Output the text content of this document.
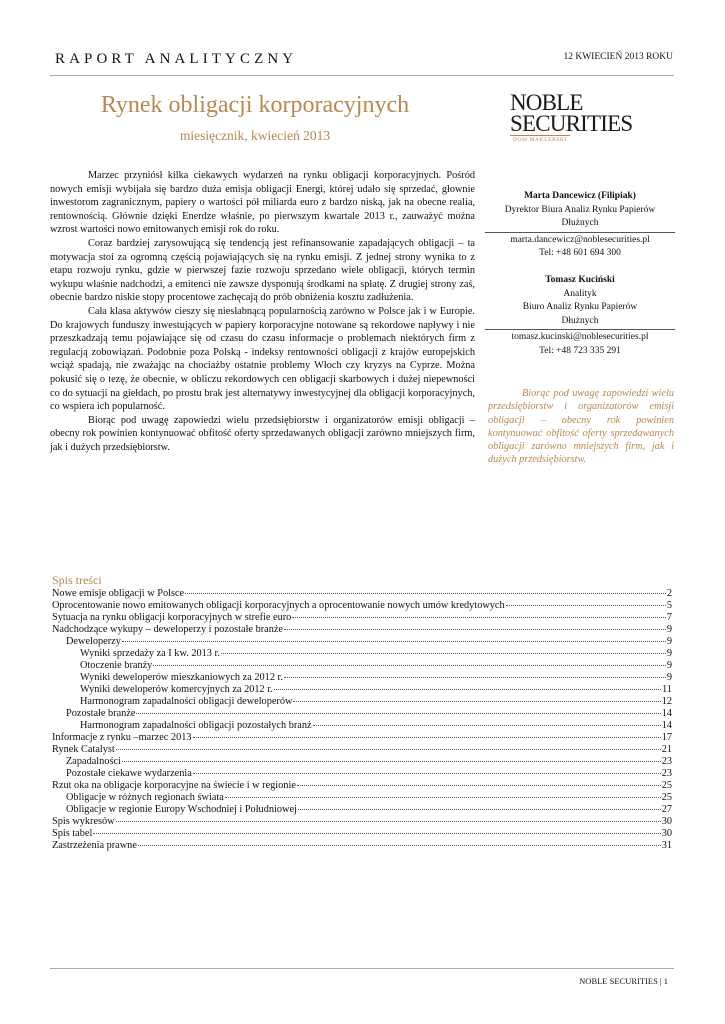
RAPORT ANALITYCZNY	12 KWIECIEŃ 2013 ROKU
Rynek obligacji korporacyjnych
miesięcznik, kwiecień 2013
NOBLE
SECURITIES
DOM MAKLERSKI

Marzec przyniósł kilka ciekawych wydarzeń na rynku obligacji korporacyjnych. Pośród nowych emisji wybijała się bardzo duża emisja obligacji Energi, której udało się sprzedać, głownie inwestorom zagranicznym, papiery o wartości pół miliarda euro z bardzo niską, jak na obecne realia, rentownością. Głównie dzięki Enerdze właśnie, po pierwszym kwartale 2013 r., zauważyć można wzrost wartości nowo emitowanych emisji rok do roku.

Coraz bardziej zarysowującą się tendencją jest refinansowanie zapadających obligacji – ta motywacja stoi za ogromną częścią pojawiających się na rynku emisji. Z jednej strony wynika to z etapu rozwoju rynku, gdzie w pierwszej fazie rozwoju sprzedano wiele obligacji, których termin wykupu właśnie nadchodzi, a emitenci nie zawsze dysponują środkami na spłatę. Z drugiej strony zaś, obecnie bardzo niskie stopy procentowe zachęcają do prób obniżenia kosztu zadłużenia.

Cała klasa aktywów cieszy się niesłabnącą popularnością zarówno w Polsce jak i w Europie. Do krajowych funduszy inwestujących w papiery korporacyjne notowane są rekordowe napływy i nie przeszkadzają temu pojawiające się od czasu do czasu informacje o problemach niektórych firm z regulacją zobowiązań. Podobnie poza Polską - indeksy rentowności obligacji z krajów europejskich wciąż spadają, nie zważając na chociażby ostatnie problemy Włoch czy kryzys na Cyprze. Można pokusić się o tezę, że obecnie, w obliczu rekordowych cen obligacji skarbowych i dużej niepewności co do sytuacji na giełdach, po prostu brak jest alternatywy inwestycyjnej dla obligacji korporacyjnych, co wspiera ich popularność.

Biorąc pod uwagę zapowiedzi wielu przedsiębiorstw i organizatorów emisji obligacji – obecny rok powinien kontynuować obfitość oferty sprzedawanych obligacji zarówno mniejszych firm, jak i dużych przedsiębiorstw.

Marta Dancewicz (Filipiak)
Dyrektor Biura Analiz Rynku Papierów
Dłużnych
marta.dancewicz@noblesecurities.pl
Tel: +48 601 694 300
Tomasz Kuciński
Analityk
Biuro Analiz Rynku Papierów
Dłużnych
tomasz.kucinski@noblesecurities.pl
Tel: +48 723 335 291
Biorąc pod uwagę zapowiedzi wielu przedsiębiorstw i organizatorów emisji obligacji – obecny rok powinien kontynuować obfitość oferty sprzedawanych obligacji zarówno mniejszych firm, jak i dużych przedsiębiorstw.
Spis treści
Nowe emisje obligacji w Polsce	2
Oprocentowanie nowo emitowanych obligacji korporacyjnych a oprocentowanie nowych umów kredytowych	5
Sytuacja na rynku obligacji korporacyjnych w strefie euro	7
Nadchodzące wykupy – deweloperzy i pozostałe branże	9
Deweloperzy	9
Wyniki sprzedaży za I kw. 2013 r.	9
Otoczenie branży	9
Wyniki deweloperów mieszkaniowych za 2012 r.	9
Wyniki deweloperów komercyjnych za 2012 r.	11
Harmonogram zapadalności obligacji deweloperów	12
Pozostałe branże	14
Harmonogram zapadalności obligacji pozostałych branż	14
Informacje z rynku –marzec 2013	17
Rynek Catalyst	21
Zapadalności	23
Pozostałe ciekawe wydarzenia	23
Rzut oka na obligacje korporacyjne na świecie i w regionie	25
Obligacje w różnych regionach świata	25
Obligacje w regionie Europy Wschodniej i Południowej	27
Spis wykresów	30
Spis tabel	30
Zastrzeżenia prawne	31
NOBLE SECURITIES | 1
